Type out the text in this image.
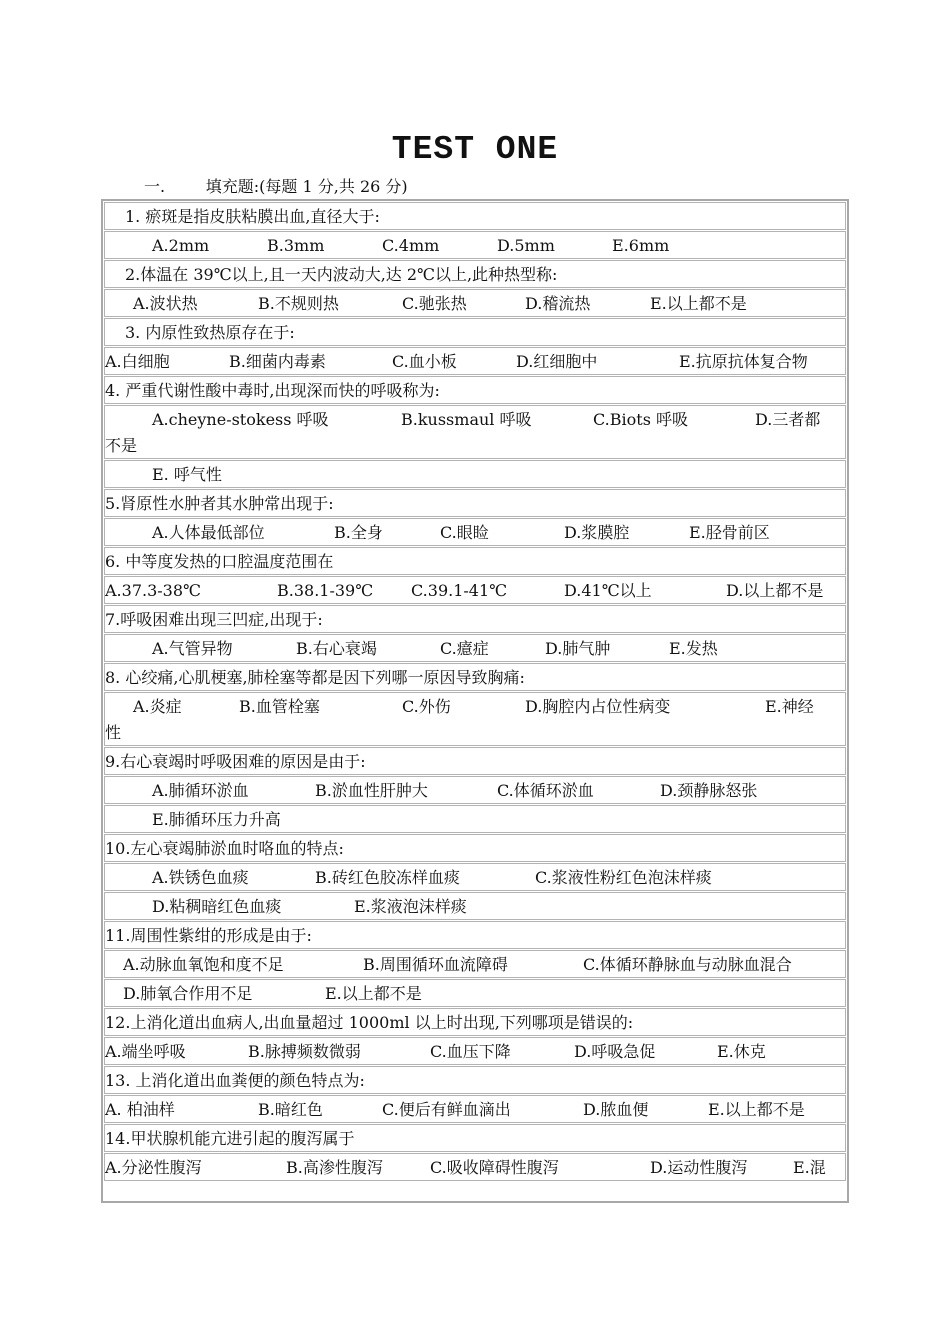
TEST ONE
一.	填充题:(每题 1 分,共 26 分)
1. 瘀斑是指皮肤粘膜出血,直径大于:
A.2mm	B.3mm	C.4mm	D.5mm	E.6mm
2.体温在 39℃以上,且一天内波动大,达 2℃以上,此种热型称:
A.波状热	B.不规则热	C.驰张热	D.稽流热	E.以上都不是
3. 内原性致热原存在于:
A.白细胞	B.细菌内毒素	C.血小板	D.红细胞中	E.抗原抗体复合物
4. 严重代谢性酸中毒时,出现深而快的呼吸称为:
A.cheyne-stokess 呼吸	B.kussmaul 呼吸	C.Biots 呼吸	D.三者都
不是
E. 呼气性
5.肾原性水肿者其水肿常出现于:
A.人体最低部位	B.全身	C.眼睑	D.浆膜腔	E.胫骨前区
6. 中等度发热的口腔温度范围在
A.37.3-38℃	B.38.1-39℃ C.39.1-41℃	D.41℃以上	D.以上都不是
7.呼吸困难出现三凹症,出现于:
A.气管异物	B.右心衰竭	C.癔症	D.肺气肿	E.发热
8. 心绞痛,心肌梗塞,肺栓塞等都是因下列哪一原因导致胸痛:
A.炎症	B.血管栓塞	C.外伤	D.胸腔内占位性病变	E.神经
性
9.右心衰竭时呼吸困难的原因是由于:
A.肺循环淤血	B.淤血性肝肿大	C.体循环淤血	D.颈静脉怒张
E.肺循环压力升高
10.左心衰竭肺淤血时咯血的特点:
A.铁锈色血痰	B.砖红色胶冻样血痰	C.浆液性粉红色泡沫样痰
D.粘稠暗红色血痰	E.浆液泡沫样痰
11.周围性紫绀的形成是由于:
A.动脉血氧饱和度不足	B.周围循环血流障碍	C.体循环静脉血与动脉血混合
D.肺氧合作用不足	E.以上都不是
12.上消化道出血病人,出血量超过 1000ml 以上时出现,下列哪项是错误的:
A.端坐呼吸	B.脉搏频数微弱	C.血压下降	D.呼吸急促	E.休克
13. 上消化道出血粪便的颜色特点为:
A. 柏油样	B.暗红色	C.便后有鲜血滴出	D.脓血便	E.以上都不是
14.甲状腺机能亢进引起的腹泻属于
A.分泌性腹泻	B.高渗性腹泻	C.吸收障碍性腹泻	D.运动性腹泻	E.混
